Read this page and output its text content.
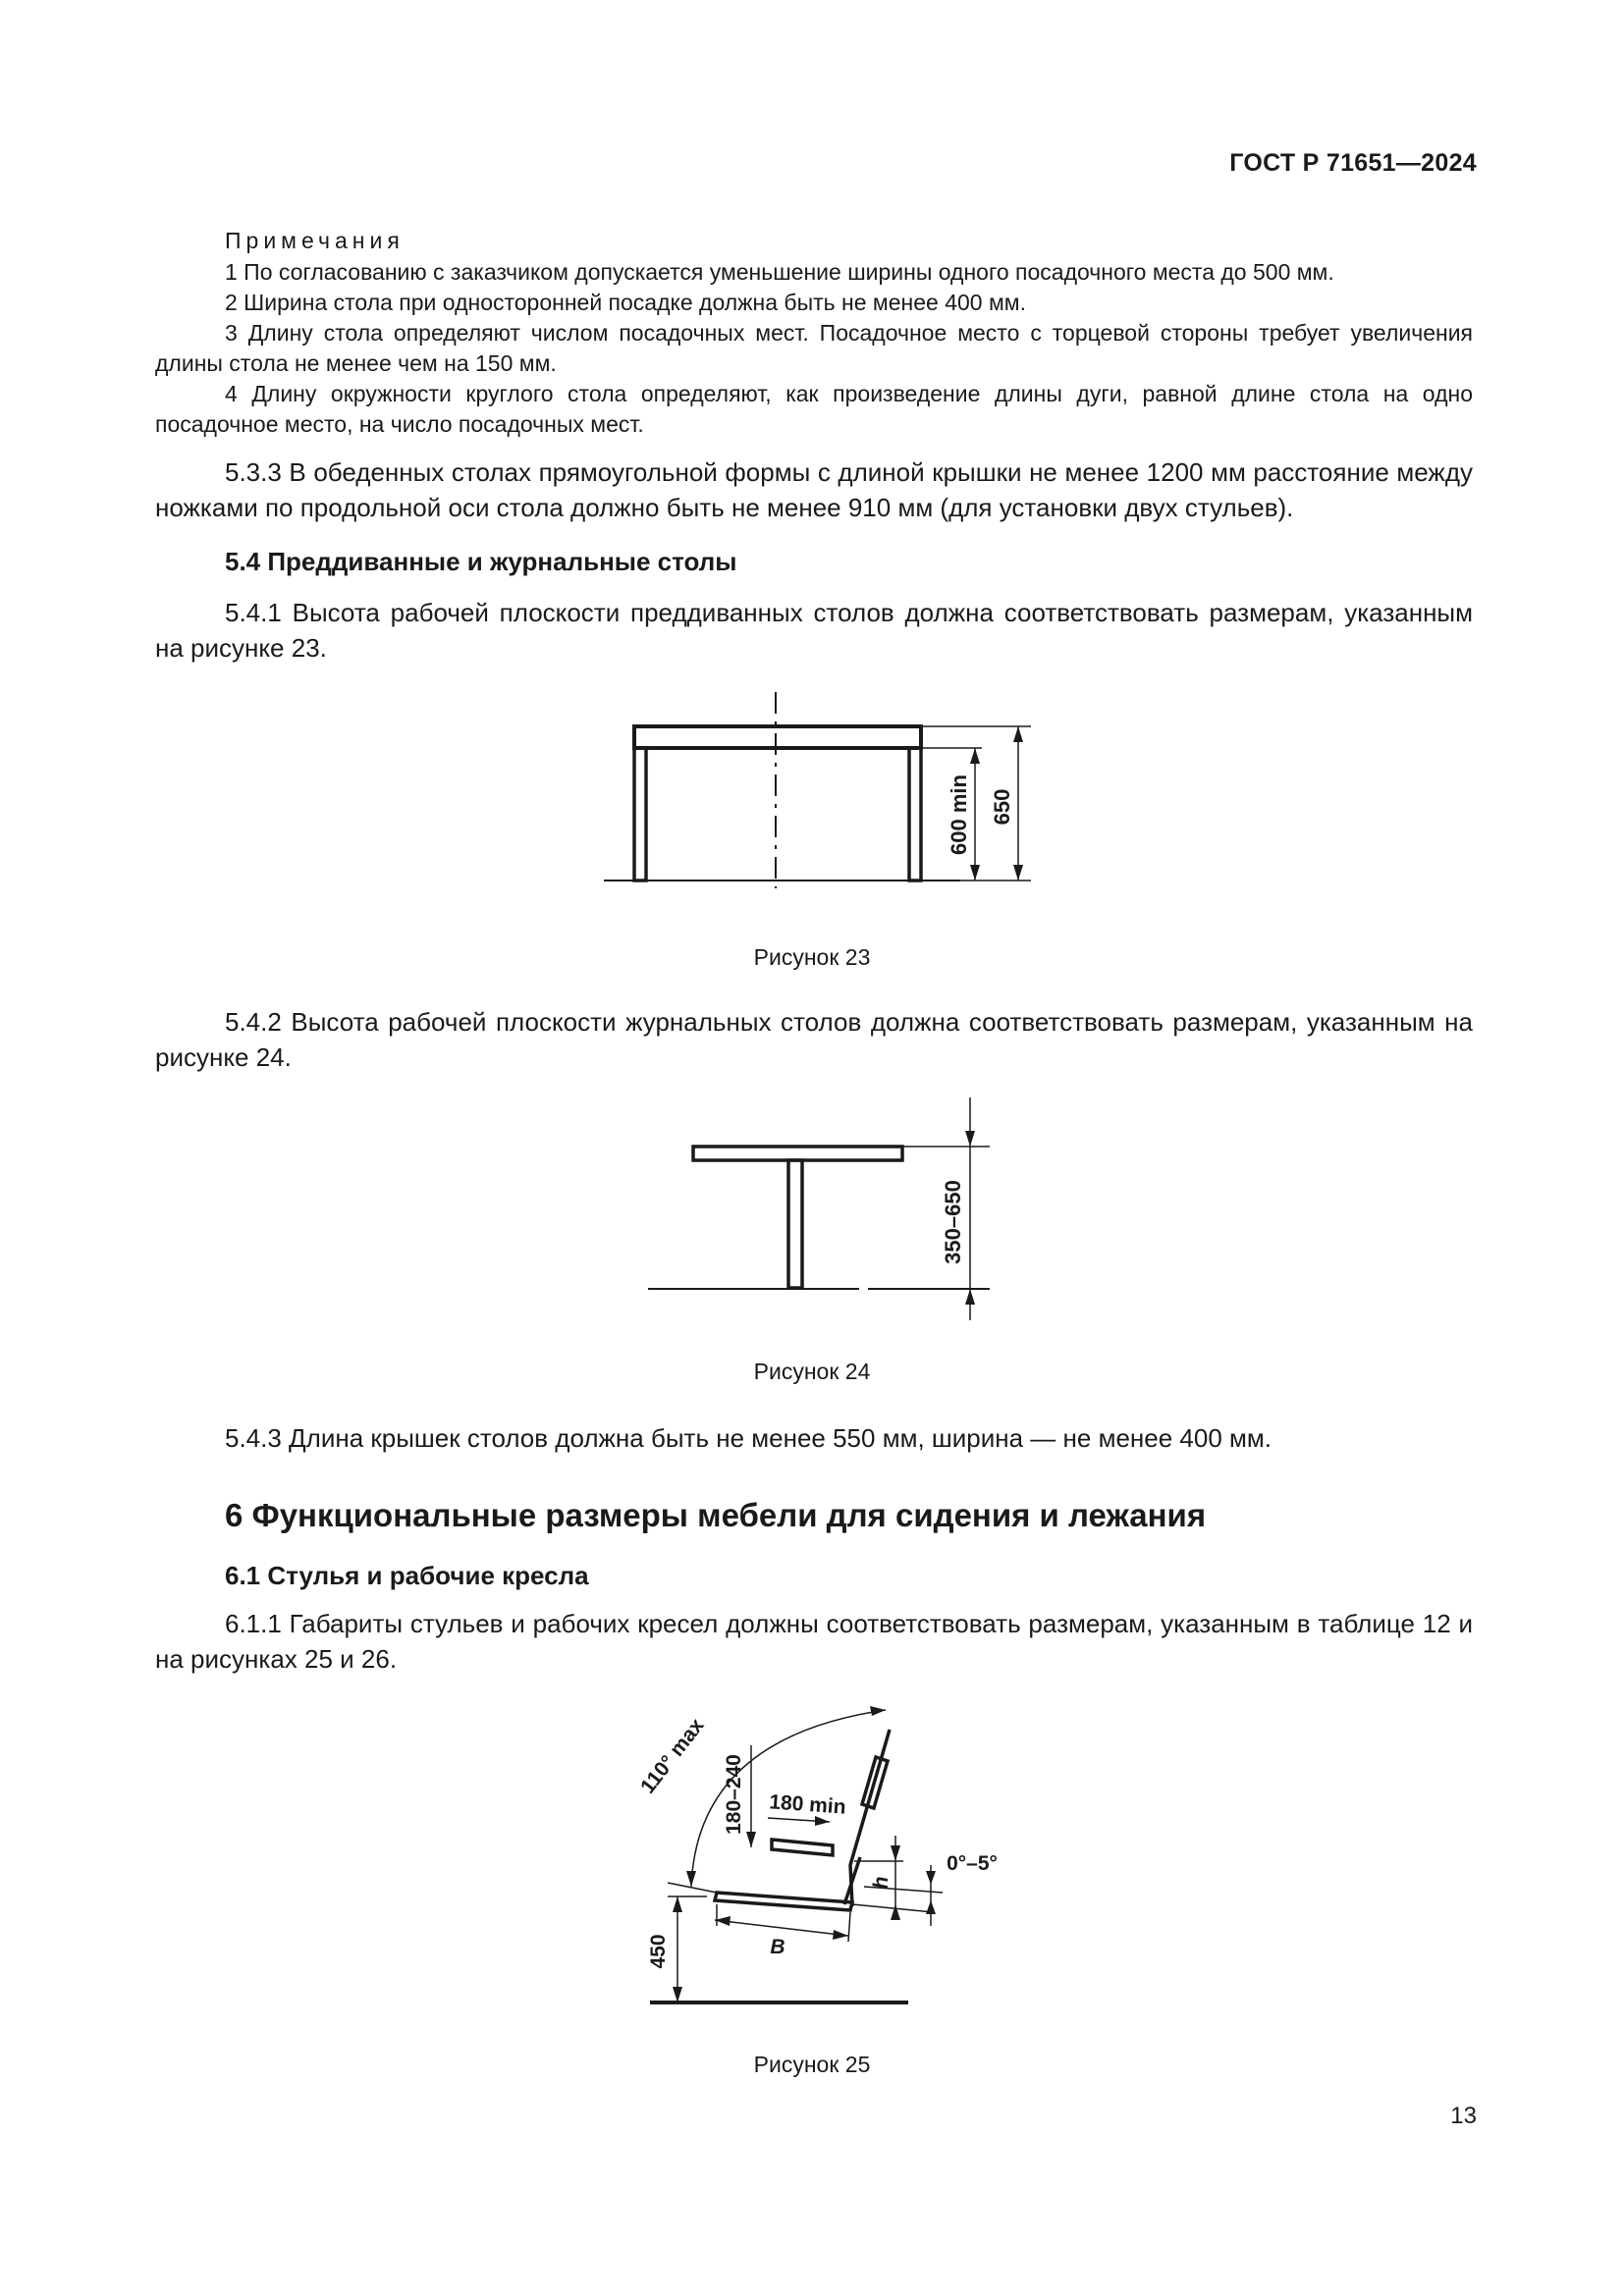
ГОСТ Р 71651—2024
Примечания
1 По согласованию с заказчиком допускается уменьшение ширины одного посадочного места до 500 мм.
2 Ширина стола при односторонней посадке должна быть не менее 400 мм.
3 Длину стола определяют числом посадочных мест. Посадочное место с торцевой стороны требует увеличения длины стола не менее чем на 150 мм.
4 Длину окружности круглого стола определяют, как произведение длины дуги, равной длине стола на одно посадочное место, на число посадочных мест.
5.3.3 В обеденных столах прямоугольной формы с длиной крышки не менее 1200 мм расстояние между ножками по продольной оси стола должно быть не менее 910 мм (для установки двух стульев).
5.4 Преддиванные и журнальные столы
5.4.1 Высота рабочей плоскости преддиванных столов должна соответствовать размерам, указанным на рисунке 23.
600 min 650
Рисунок 23
5.4.2 Высота рабочей плоскости журнальных столов должна соответствовать размерам, указанным на рисунке 24.
350–650
Рисунок 24
5.4.3 Длина крышек столов должна быть не менее 550 мм, ширина — не менее 400 мм.
6 Функциональные размеры мебели для сидения и лежания
6.1 Стулья и рабочие кресла
6.1.1 Габариты стульев и рабочих кресел должны соответствовать размерам, указанным в таблице 12 и на рисунках 25 и 26.
110° max 180–240 180 min
h
0°–5°
B
450
Рисунок 25
13
